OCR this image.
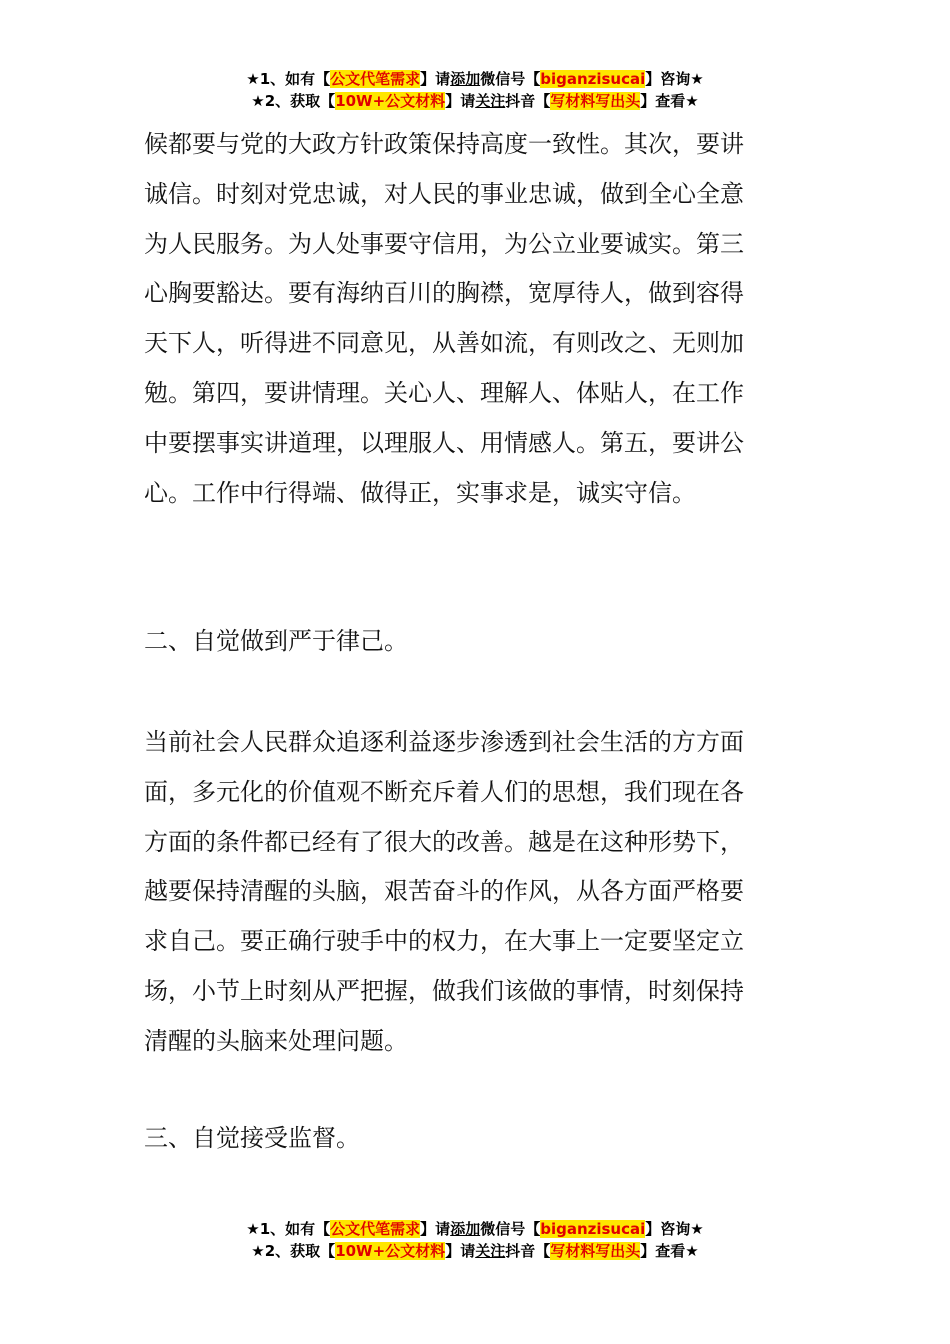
★1、如有【公文代笔需求】请添加微信号【biganzisucai】咨询★
★2、获取【10W+公文材料】请关注抖音【写材料写出头】查看★
候都要与党的大政方针政策保持高度一致性。其次，要讲
诚信。时刻对党忠诚，对人民的事业忠诚，做到全心全意
为人民服务。为人处事要守信用，为公立业要诚实。第三
心胸要豁达。要有海纳百川的胸襟，宽厚待人，做到容得
天下人，听得进不同意见，从善如流，有则改之、无则加
勉。第四，要讲情理。关心人、理解人、体贴人，在工作
中要摆事实讲道理，以理服人、用情感人。第五，要讲公
心。工作中行得端、做得正，实事求是，诚实守信。
二、自觉做到严于律己。
当前社会人民群众追逐利益逐步渗透到社会生活的方方面
面，多元化的价值观不断充斥着人们的思想，我们现在各
方面的条件都已经有了很大的改善。越是在这种形势下，
越要保持清醒的头脑，艰苦奋斗的作风，从各方面严格要
求自己。要正确行驶手中的权力，在大事上一定要坚定立
场，小节上时刻从严把握，做我们该做的事情，时刻保持
清醒的头脑来处理问题。
三、自觉接受监督。
★1、如有【公文代笔需求】请添加微信号【biganzisucai】咨询★
★2、获取【10W+公文材料】请关注抖音【写材料写出头】查看★
